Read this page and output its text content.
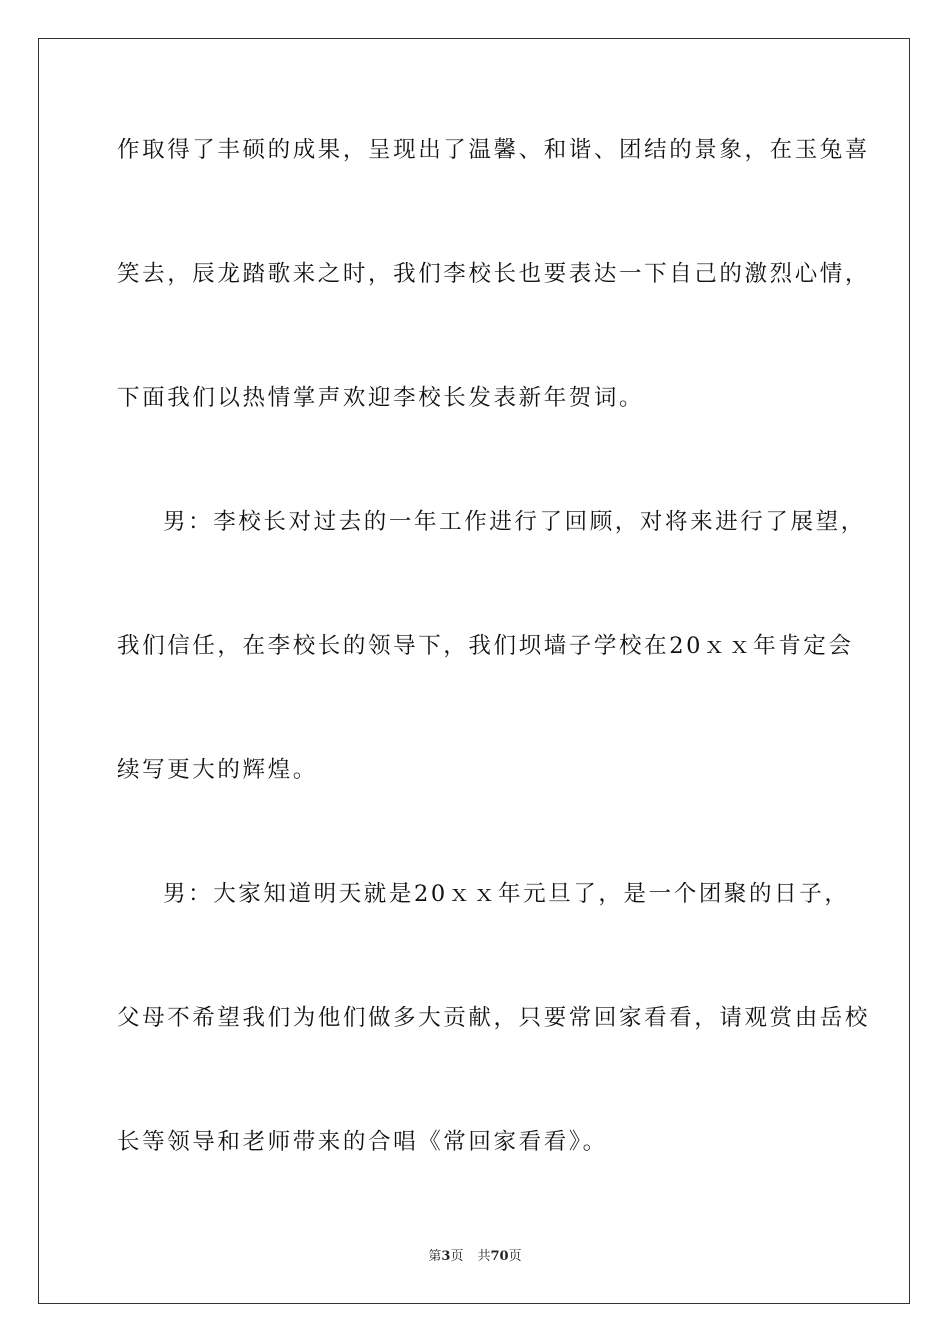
作取得了丰硕的成果，呈现出了温馨、和谐、团结的景象，在玉兔喜
笑去，辰龙踏歌来之时，我们李校长也要表达一下自己的激烈心情，
下面我们以热情掌声欢迎李校长发表新年贺词。
男：李校长对过去的一年工作进行了回顾，对将来进行了展望，
我们信任，在李校长的领导下，我们坝墙子学校在20ｘｘ年肯定会
续写更大的辉煌。
男：大家知道明天就是20ｘｘ年元旦了，是一个团聚的日子，
父母不希望我们为他们做多大贡献，只要常回家看看，请观赏由岳校
长等领导和老师带来的合唱《常回家看看》。
第3页 共70页
